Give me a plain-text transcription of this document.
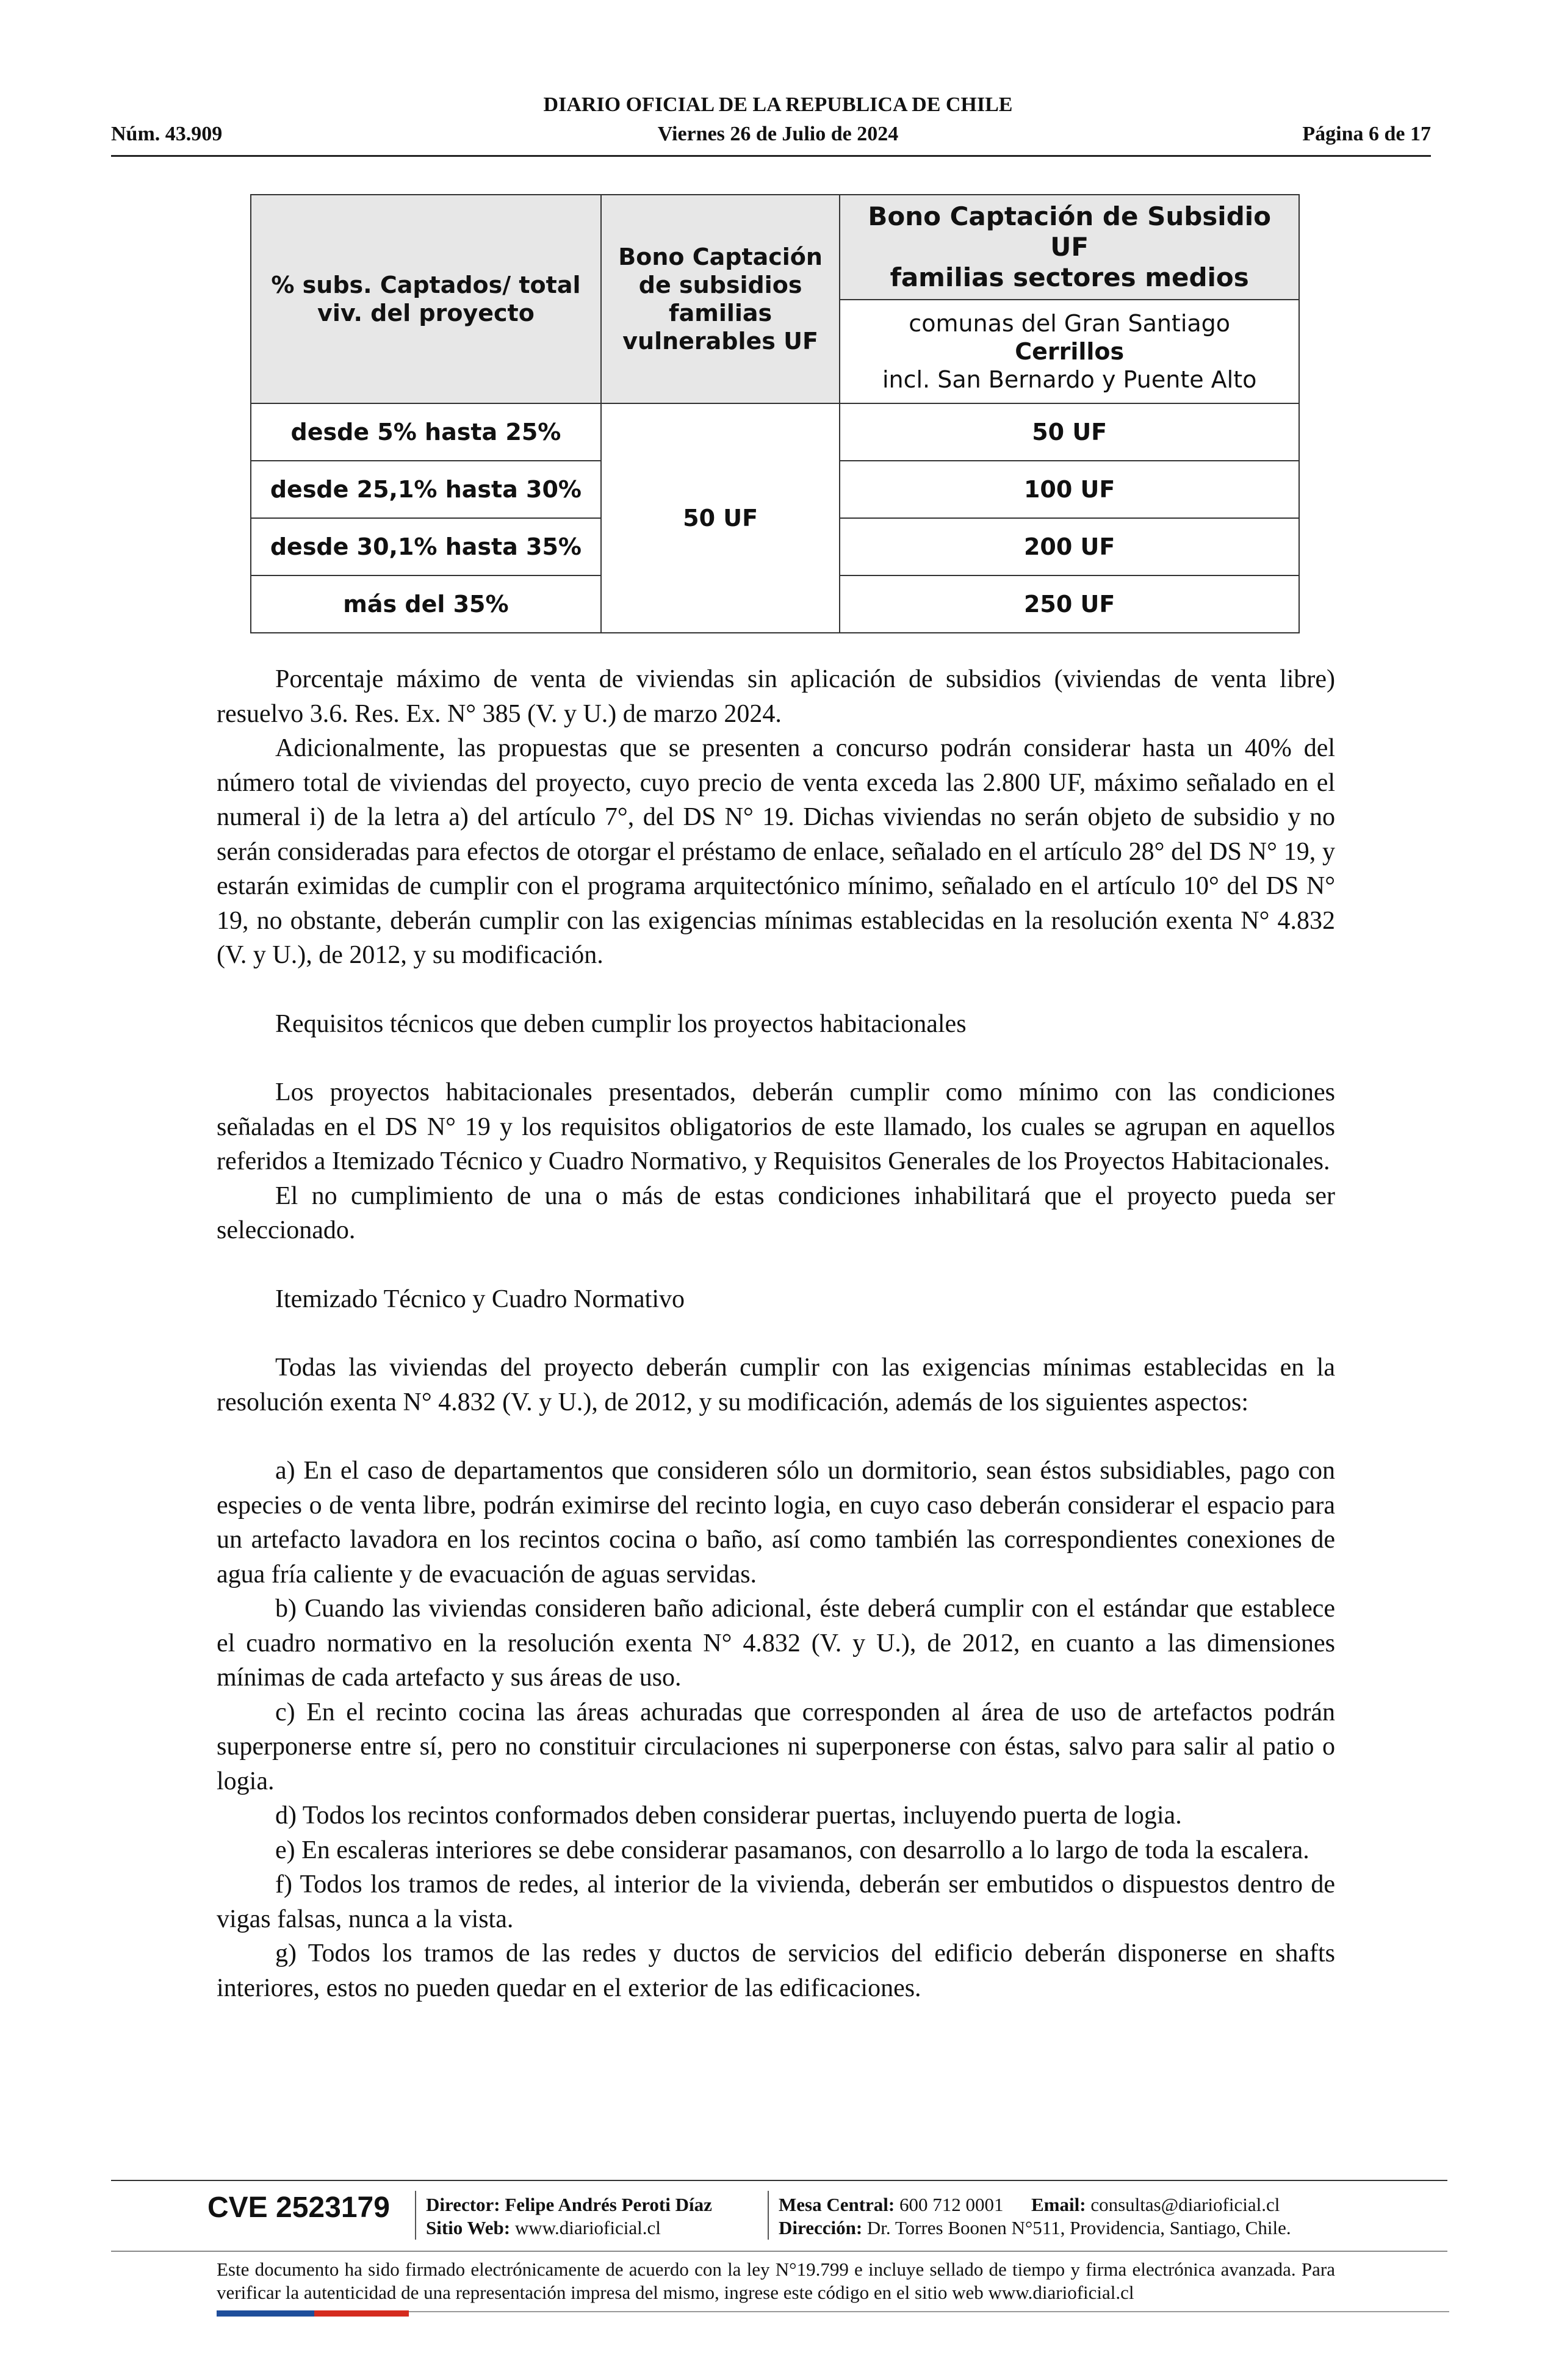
DIARIO OFICIAL DE LA REPUBLICA DE CHILE
Núm. 43.909	Viernes 26 de Julio de 2024	Página 6 de 17
% subs. Captados/ total viv. del proyecto	Bono Captación de subsidios familias vulnerables UF	Bono Captación de Subsidio
UF
familias sectores medios

		comunas del Gran Santiago
Cerrillos
incl. San Bernardo y Puente Alto

desde 5% hasta 25%	50 UF	50 UF
desde 25,1% hasta 30%		100 UF
desde 30,1% hasta 35%		200 UF
más del 35%		250 UF

Porcentaje máximo de venta de viviendas sin aplicación de subsidios (viviendas de venta libre) resuelvo 3.6. Res. Ex. N° 385 (V. y U.) de marzo 2024.

Adicionalmente, las propuestas que se presenten a concurso podrán considerar hasta un 40% del número total de viviendas del proyecto, cuyo precio de venta exceda las 2.800 UF, máximo señalado en el numeral i) de la letra a) del artículo 7°, del DS N° 19. Dichas viviendas no serán objeto de subsidio y no serán consideradas para efectos de otorgar el préstamo de enlace, señalado en el artículo 28° del DS N° 19, y estarán eximidas de cumplir con el programa arquitectónico mínimo, señalado en el artículo 10° del DS N° 19, no obstante, deberán cumplir con las exigencias mínimas establecidas en la resolución exenta N° 4.832 (V. y U.), de 2012, y su modificación.

Requisitos técnicos que deben cumplir los proyectos habitacionales

Los proyectos habitacionales presentados, deberán cumplir como mínimo con las condiciones señaladas en el DS N° 19 y los requisitos obligatorios de este llamado, los cuales se agrupan en aquellos referidos a Itemizado Técnico y Cuadro Normativo, y Requisitos Generales de los Proyectos Habitacionales.

El no cumplimiento de una o más de estas condiciones inhabilitará que el proyecto pueda ser seleccionado.

Itemizado Técnico y Cuadro Normativo

Todas las viviendas del proyecto deberán cumplir con las exigencias mínimas establecidas en la resolución exenta N° 4.832 (V. y U.), de 2012, y su modificación, además de los siguientes aspectos:

a) En el caso de departamentos que consideren sólo un dormitorio, sean éstos subsidiables, pago con especies o de venta libre, podrán eximirse del recinto logia, en cuyo caso deberán considerar el espacio para un artefacto lavadora en los recintos cocina o baño, así como también las correspondientes conexiones de agua fría caliente y de evacuación de aguas servidas.

b) Cuando las viviendas consideren baño adicional, éste deberá cumplir con el estándar que establece el cuadro normativo en la resolución exenta N° 4.832 (V. y U.), de 2012, en cuanto a las dimensiones mínimas de cada artefacto y sus áreas de uso.

c) En el recinto cocina las áreas achuradas que corresponden al área de uso de artefactos podrán superponerse entre sí, pero no constituir circulaciones ni superponerse con éstas, salvo para salir al patio o logia.

d) Todos los recintos conformados deben considerar puertas, incluyendo puerta de logia.

e) En escaleras interiores se debe considerar pasamanos, con desarrollo a lo largo de toda la escalera.

f) Todos los tramos de redes, al interior de la vivienda, deberán ser embutidos o dispuestos dentro de vigas falsas, nunca a la vista.

g) Todos los tramos de las redes y ductos de servicios del edificio deberán disponerse en shafts interiores, estos no pueden quedar en el exterior de las edificaciones.

CVE 2523179 Director: Felipe Andrés Peroti Díaz
Sitio Web: www.diarioficial.cl
Mesa Central: 600 712 0001 Email: consultas@diarioficial.cl
Dirección: Dr. Torres Boonen N°511, Providencia, Santiago, Chile.
Este documento ha sido firmado electrónicamente de acuerdo con la ley N°19.799 e incluye sellado de tiempo y firma electrónica avanzada. Para verificar la autenticidad de una representación impresa del mismo, ingrese este código en el sitio web www.diarioficial.cl
